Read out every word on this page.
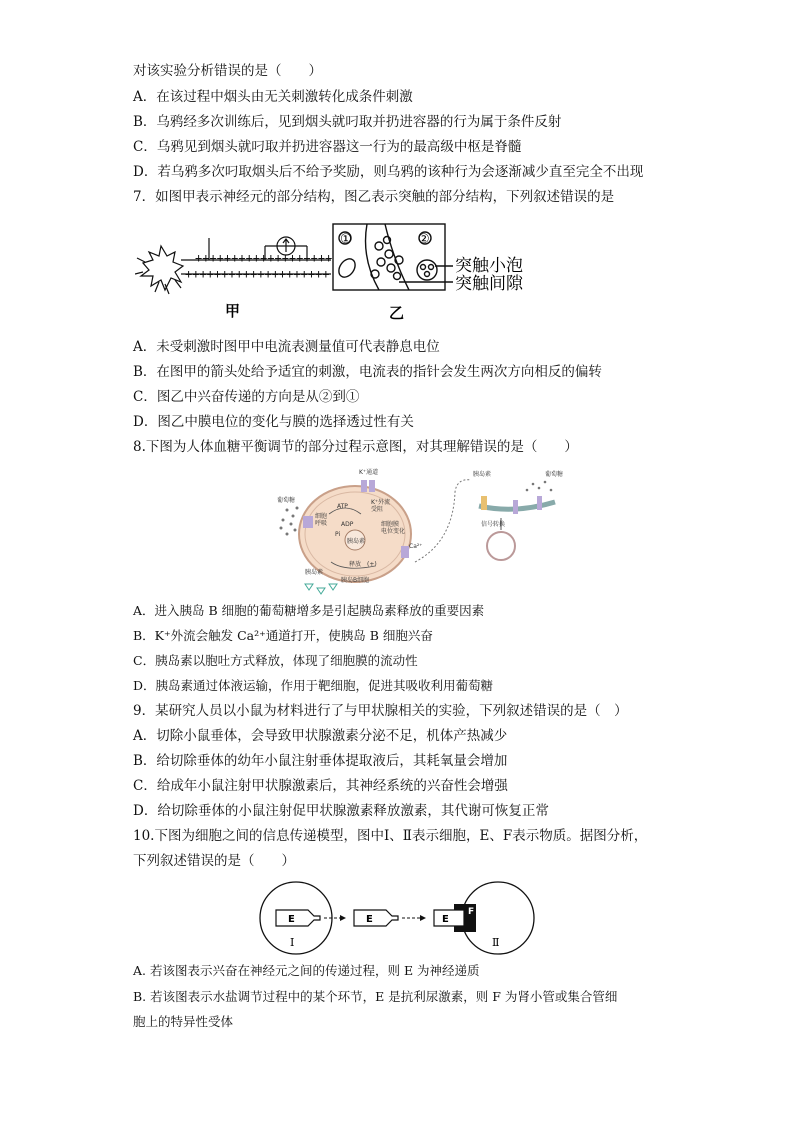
对该实验分析错误的是（　　）
A．在该过程中烟头由无关刺激转化成条件刺激
B．乌鸦经多次训练后，见到烟头就叼取并扔进容器的行为属于条件反射
C．乌鸦见到烟头就叼取并扔进容器这一行为的最高级中枢是脊髓
D．若乌鸦多次叼取烟头后不给予奖励，则乌鸦的该种行为会逐渐减少直至完全不出现
7．如图甲表示神经元的部分结构，图乙表示突触的部分结构，下列叙述错误的是
+++++++++++++++++++
++++++++++++++++++++
甲
①	②
突触小泡
突触间隙
乙
A．未受刺激时图甲中电流表测量值可代表静息电位
B．在图甲的箭头处给予适宜的刺激，电流表的指针会发生两次方向相反的偏转
C．图乙中兴奋传递的方向是从②到①
D．图乙中膜电位的变化与膜的选择透过性有关
8.下图为人体血糖平衡调节的部分过程示意图，对其理解错误的是（　　）
K⁺通道
葡萄糖
ATP
ADP
Pi
细胞呼吸
K⁺外流受阻
细胞膜电位变化
胰岛素
Ca²⁺
释放 (+)
胰岛素
胰岛B细胞
胰岛素	葡萄糖
信号转换
A．进入胰岛 B 细胞的葡萄糖增多是引起胰岛素释放的重要因素
B．K⁺外流会触发 Ca²⁺通道打开，使胰岛 B 细胞兴奋
C．胰岛素以胞吐方式释放，体现了细胞膜的流动性
D．胰岛素通过体液运输，作用于靶细胞，促进其吸收利用葡萄糖
9．某研究人员以小鼠为材料进行了与甲状腺相关的实验，下列叙述错误的是（　）
A．切除小鼠垂体，会导致甲状腺激素分泌不足，机体产热减少
B．给切除垂体的幼年小鼠注射垂体提取液后，其耗氧量会增加
C．给成年小鼠注射甲状腺激素后，其神经系统的兴奋性会增强
D．给切除垂体的小鼠注射促甲状腺激素释放激素，其代谢可恢复正常
10.下图为细胞之间的信息传递模型，图中Ⅰ、Ⅱ表示细胞，E、F表示物质。据图分析，
下列叙述错误的是（　　）
E	E	E
F
Ⅰ	Ⅱ
A. 若该图表示兴奋在神经元之间的传递过程，则 E 为神经递质
B. 若该图表示水盐调节过程中的某个环节，E 是抗利尿激素，则 F 为肾小管或集合管细
胞上的特异性受体
